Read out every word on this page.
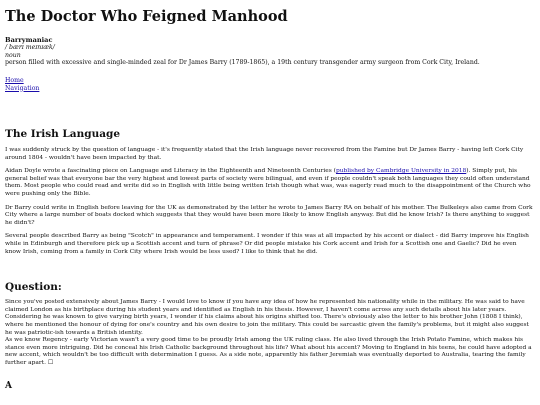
The Doctor Who Feigned Manhood

Barrymaniac

/ bærɪ meɪnɪæk/

noun

person filled with excessive and single-minded zeal for Dr James Barry (1789-1865), a 19th century transgender army surgeon from Cork City, Ireland.

Home
Navigation
The Irish Language

I was suddenly struck by the question of language - it's frequently stated that the Irish language never recovered from the Famine but Dr James Barry - having left Cork City around 1804 - wouldn't have been impacted by that.

Aidan Doyle wrote a fascinating piece on Language and Literacy in the Eighteenth and Nineteenth Centuries (published by Cambridge University in 2018). Simply put, his general belief was that everyone bar the very highest and lowest parts of society were bilingual, and even if people couldn't speak both languages they could often understand them. Most people who could read and write did so in English with little being written Irish though what was, was eagerly read much to the disappointment of the Church who were pushing only the Bible.

Dr Barry could write in English before leaving for the UK as demonstrated by the letter he wrote to James Barry RA on behalf of his mother. The Bulkeleys also came from Cork City where a large number of boats docked which suggests that they would have been more likely to know English anyway. But did he know Irish? Is there anything to suggest he didn't?

Several people described Barry as being "Scotch" in appearance and temperament. I wonder if this was at all impacted by his accent or dialect - did Barry improve his English while in Edinburgh and therefore pick up a Scottish accent and turn of phrase? Or did people mistake his Cork accent and Irish for a Scottish one and Gaelic? Did he even know Irish, coming from a family in Cork City where Irish would be less used? I like to think that he did.

Question:

Since you've posted extensively about James Barry - I would love to know if you have any idea of how he represented his nationality while in the military. He was said to have claimed London as his birthplace during his student years and identified as English in his thesis. However, I haven't come across any such details about his later years. Considering he was known to give varying birth years, I wonder if his claims about his origins shifted too. There's obviously also the letter to his brother John (1808 I think), where he mentioned the honour of dying for one's country and his own desire to join the military. This could be sarcastic given the family's problems, but it might also suggest he was patriotic-ish towards a British identity.

As we know Regency - early Victorian wasn't a very good time to be proudly Irish among the UK ruling class. He also lived through the Irish Potato Famine, which makes his stance even more intriguing. Did he conceal his Irish Catholic background throughout his life? What about his accent? Moving to England in his teens, he could have adopted a new accent, which wouldn't be too difficult with determination I guess. As a side note, apparently his father Jeremiah was eventually deported to Australia, tearing the family further apart. ☐

A
